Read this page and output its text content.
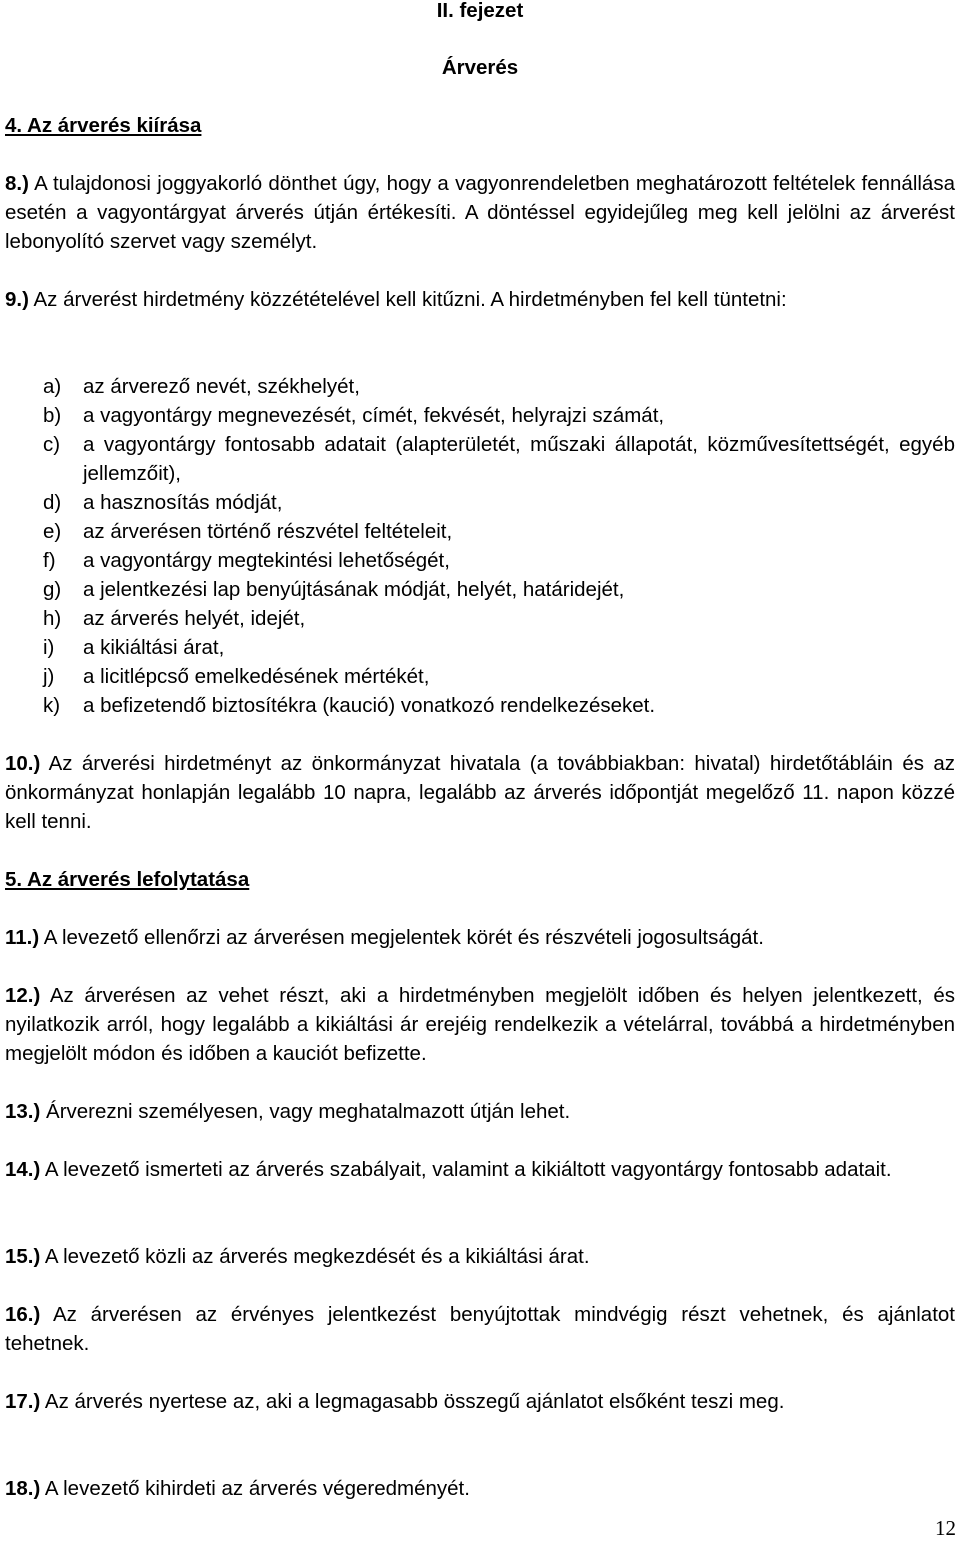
II. fejezet
Árverés
4. Az árverés kiírása

8.) A tulajdonosi joggyakorló dönthet úgy, hogy a vagyonrendeletben meghatározott feltételek fennállása esetén a vagyontárgyat árverés útján értékesíti. A döntéssel egyidejűleg meg kell jelölni az árverést lebonyolító szervet vagy személyt.

9.) Az árverést hirdetmény közzétételével kell kitűzni. A hirdetményben fel kell tüntetni:

a)	az árverező nevét, székhelyét,
b)	a vagyontárgy megnevezését, címét, fekvését, helyrajzi számát,
c)	a vagyontárgy fontosabb adatait (alapterületét, műszaki állapotát, közművesítettségét, egyéb jellemzőit),
d)	a hasznosítás módját,
e)	az árverésen történő részvétel feltételeit,
f)	a vagyontárgy megtekintési lehetőségét,
g)	a jelentkezési lap benyújtásának módját, helyét, határidejét,
h)	az árverés helyét, idejét,
i)	a kikiáltási árat,
j)	a licitlépcső emelkedésének mértékét,
k)	a befizetendő biztosítékra (kaució) vonatkozó rendelkezéseket.

10.) Az árverési hirdetményt az önkormányzat hivatala (a továbbiakban: hivatal) hirdetőtábláin és az önkormányzat honlapján legalább 10 napra, legalább az árverés időpontját megelőző 11. napon közzé kell tenni.

5. Az árverés lefolytatása

11.) A levezető ellenőrzi az árverésen megjelentek körét és részvételi jogosultságát.

12.) Az árverésen az vehet részt, aki a hirdetményben megjelölt időben és helyen jelentkezett, és nyilatkozik arról, hogy legalább a kikiáltási ár erejéig rendelkezik a vételárral, továbbá a hirdetményben megjelölt módon és időben a kauciót befizette.

13.) Árverezni személyesen, vagy meghatalmazott útján lehet.

14.) A levezető ismerteti az árverés szabályait, valamint a kikiáltott vagyontárgy fontosabb adatait.

15.) A levezető közli az árverés megkezdését és a kikiáltási árat.

16.) Az árverésen az érvényes jelentkezést benyújtottak mindvégig részt vehetnek, és ajánlatot tehetnek.

17.) Az árverés nyertese az, aki a legmagasabb összegű ajánlatot elsőként teszi meg.

18.) A levezető kihirdeti az árverés végeredményét.

12
